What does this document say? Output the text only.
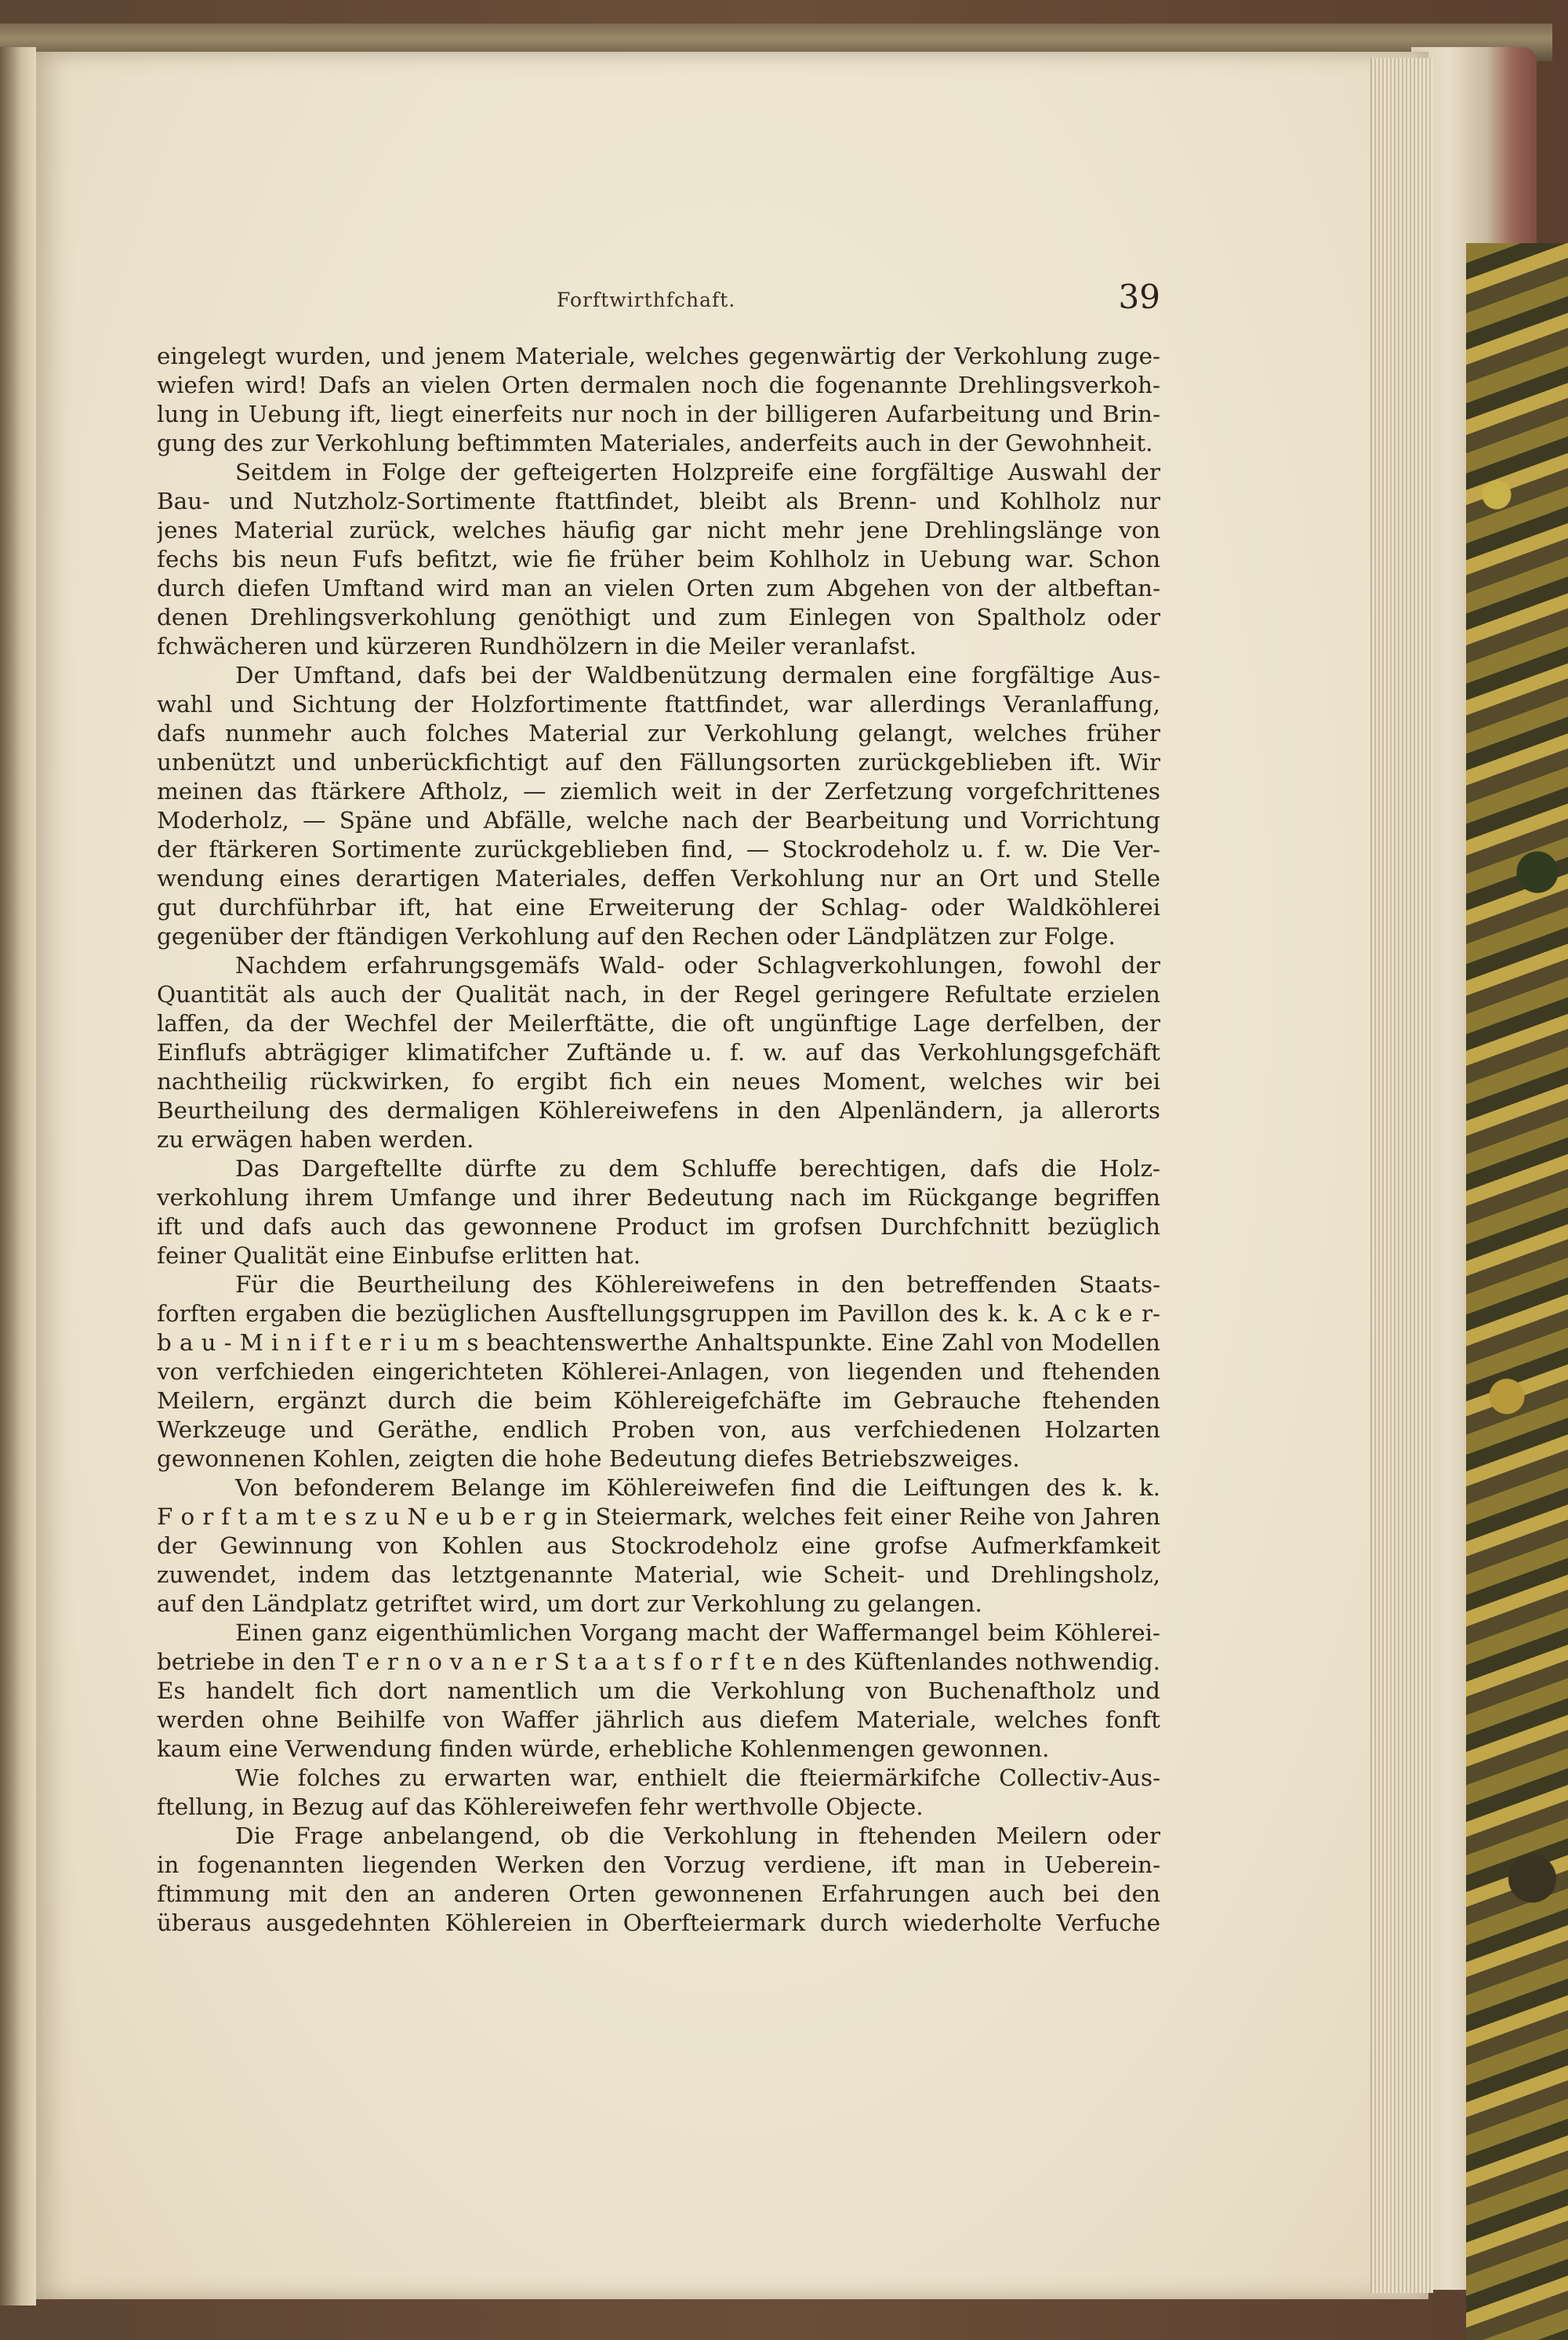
Forftwirthfchaft.	39
eingelegt wurden, und jenem Materiale, welches gegenwärtig der Verkohlung zuge-
wiefen wird! Dafs an vielen Orten dermalen noch die fogenannte Drehlingsverkoh-
lung in Uebung ift, liegt einerfeits nur noch in der billigeren Aufarbeitung und Brin-
gung des zur Verkohlung beftimmten Materiales, anderfeits auch in der Gewohnheit.
Seitdem in Folge der gefteigerten Holzpreife eine forgfältige Auswahl der
Bau- und Nutzholz-Sortimente ftattfindet, bleibt als Brenn- und Kohlholz nur
jenes Material zurück, welches häufig gar nicht mehr jene Drehlingslänge von
fechs bis neun Fufs befitzt, wie fie früher beim Kohlholz in Uebung war. Schon
durch diefen Umftand wird man an vielen Orten zum Abgehen von der altbeftan-
denen Drehlingsverkohlung genöthigt und zum Einlegen von Spaltholz oder
fchwächeren und kürzeren Rundhölzern in die Meiler veranlafst.
Der Umftand, dafs bei der Waldbenützung dermalen eine forgfältige Aus-
wahl und Sichtung der Holzfortimente ftattfindet, war allerdings Veranlaffung,
dafs nunmehr auch folches Material zur Verkohlung gelangt, welches früher
unbenützt und unberückfichtigt auf den Fällungsorten zurückgeblieben ift. Wir
meinen das ftärkere Aftholz, — ziemlich weit in der Zerfetzung vorgefchrittenes
Moderholz, — Späne und Abfälle, welche nach der Bearbeitung und Vorrichtung
der ftärkeren Sortimente zurückgeblieben find, — Stockrodeholz u. f. w. Die Ver-
wendung eines derartigen Materiales, deffen Verkohlung nur an Ort und Stelle
gut durchführbar ift, hat eine Erweiterung der Schlag- oder Waldköhlerei
gegenüber der ftändigen Verkohlung auf den Rechen oder Ländplätzen zur Folge.
Nachdem erfahrungsgemäfs Wald- oder Schlagverkohlungen, fowohl der
Quantität als auch der Qualität nach, in der Regel geringere Refultate erzielen
laffen, da der Wechfel der Meilerftätte, die oft ungünftige Lage derfelben, der
Einflufs abträgiger klimatifcher Zuftände u. f. w. auf das Verkohlungsgefchäft
nachtheilig rückwirken, fo ergibt fich ein neues Moment, welches wir bei
Beurtheilung des dermaligen Köhlereiwefens in den Alpenländern, ja allerorts
zu erwägen haben werden.
Das Dargeftellte dürfte zu dem Schluffe berechtigen, dafs die Holz-
verkohlung ihrem Umfange und ihrer Bedeutung nach im Rückgange begriffen
ift und dafs auch das gewonnene Product im grofsen Durchfchnitt bezüglich
feiner Qualität eine Einbufse erlitten hat.
Für die Beurtheilung des Köhlereiwefens in den betreffenden Staats-
forften ergaben die bezüglichen Ausftellungsgruppen im Pavillon des k. k. A c k e r-
b a u - M i n i f t e r i u m s beachtenswerthe Anhaltspunkte. Eine Zahl von Modellen
von verfchieden eingerichteten Köhlerei-Anlagen, von liegenden und ftehenden
Meilern, ergänzt durch die beim Köhlereigefchäfte im Gebrauche ftehenden
Werkzeuge und Geräthe, endlich Proben von, aus verfchiedenen Holzarten
gewonnenen Kohlen, zeigten die hohe Bedeutung diefes Betriebszweiges.
Von befonderem Belange im Köhlereiwefen find die Leiftungen des k. k.
F o r f t a m t e s z u N e u b e r g in Steiermark, welches feit einer Reihe von Jahren
der Gewinnung von Kohlen aus Stockrodeholz eine grofse Aufmerkfamkeit
zuwendet, indem das letztgenannte Material, wie Scheit- und Drehlingsholz,
auf den Ländplatz getriftet wird, um dort zur Verkohlung zu gelangen.
Einen ganz eigenthümlichen Vorgang macht der Waffermangel beim Köhlerei-
betriebe in den T e r n o v a n e r S t a a t s f o r f t e n des Küftenlandes nothwendig.
Es handelt fich dort namentlich um die Verkohlung von Buchenaftholz und
werden ohne Beihilfe von Waffer jährlich aus diefem Materiale, welches fonft
kaum eine Verwendung finden würde, erhebliche Kohlenmengen gewonnen.
Wie folches zu erwarten war, enthielt die fteiermärkifche Collectiv-Aus-
ftellung, in Bezug auf das Köhlereiwefen fehr werthvolle Objecte.
Die Frage anbelangend, ob die Verkohlung in ftehenden Meilern oder
in fogenannten liegenden Werken den Vorzug verdiene, ift man in Ueberein-
ftimmung mit den an anderen Orten gewonnenen Erfahrungen auch bei den
überaus ausgedehnten Köhlereien in Oberfteiermark durch wiederholte Verfuche
